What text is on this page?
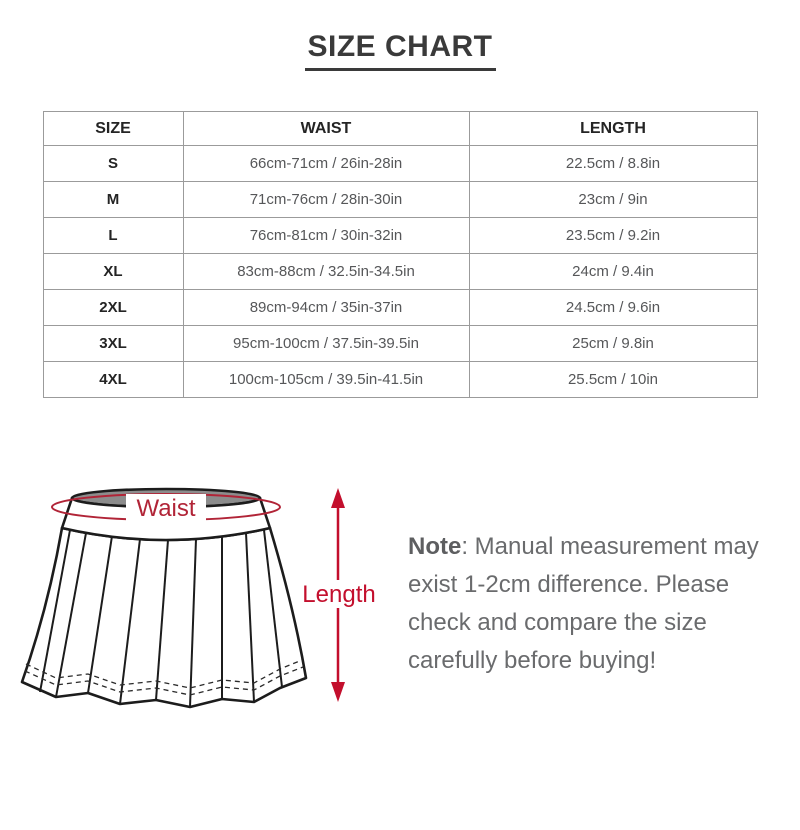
SIZE CHART
SIZE	WAIST	LENGTH
S	66cm-71cm / 26in-28in	22.5cm / 8.8in
M	71cm-76cm / 28in-30in	23cm / 9in
L	76cm-81cm / 30in-32in	23.5cm / 9.2in
XL	83cm-88cm / 32.5in-34.5in	24cm / 9.4in
2XL	89cm-94cm / 35in-37in	24.5cm / 9.6in
3XL	95cm-100cm / 37.5in-39.5in	25cm / 9.8in
4XL	100cm-105cm / 39.5in-41.5in	25.5cm / 10in
Waist
Length
Note: Manual measurement may exist 1-2cm difference. Please check and compare the size carefully before buying!
